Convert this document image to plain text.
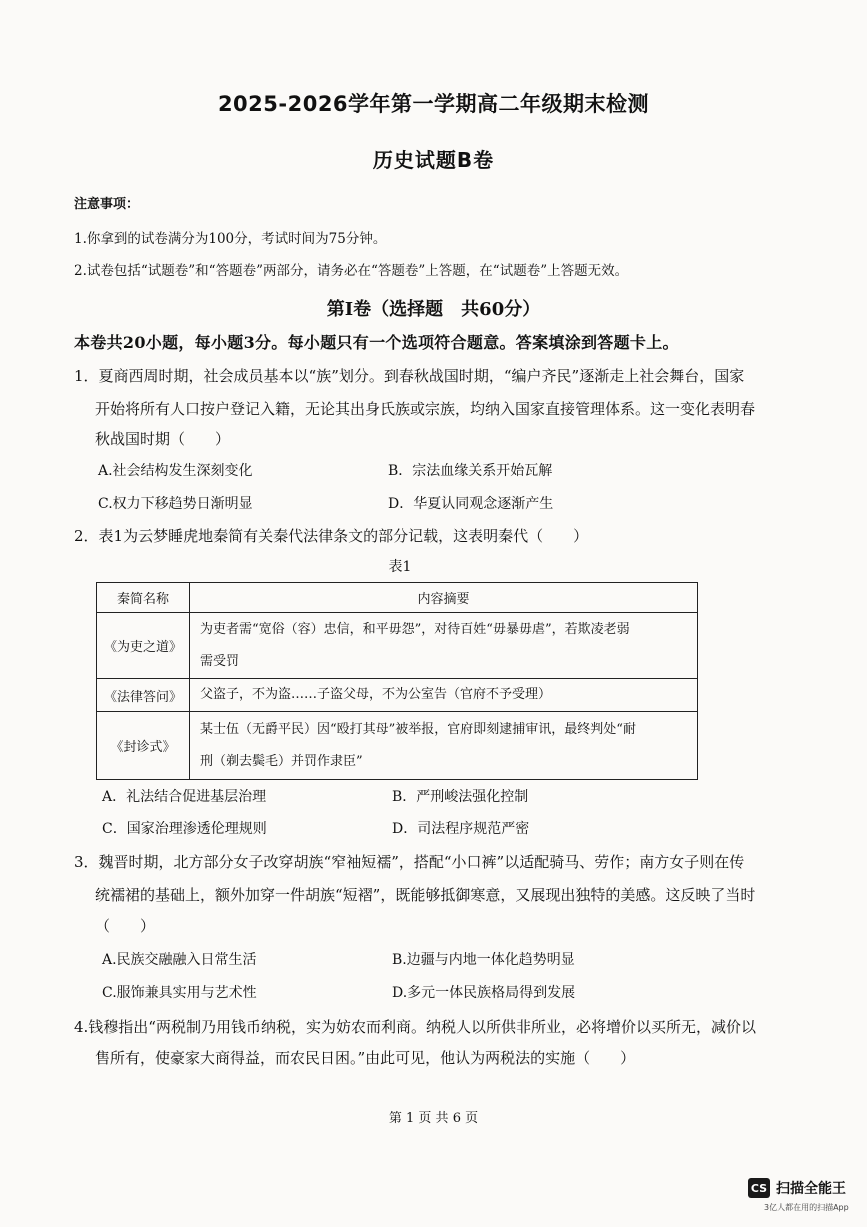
2025-2026学年第一学期高二年级期末检测
历史试题B卷
注意事项：
1.你拿到的试卷满分为100分，考试时间为75分钟。
2.试卷包括“试题卷”和“答题卷”两部分，请务必在“答题卷”上答题，在“试题卷”上答题无效。
第Ⅰ卷（选择题　共60分）
本卷共20小题，每小题3分。每小题只有一个选项符合题意。答案填涂到答题卡上。
1．夏商西周时期，社会成员基本以“族”划分。到春秋战国时期，“编户齐民”逐渐走上社会舞台，国家
开始将所有人口按户登记入籍，无论其出身氏族或宗族，均纳入国家直接管理体系。这一变化表明春
秋战国时期（　　）
A.社会结构发生深刻变化	B．宗法血缘关系开始瓦解
C.权力下移趋势日渐明显	D．华夏认同观念逐渐产生
2．表1为云梦睡虎地秦简有关秦代法律条文的部分记载，这表明秦代（　　）
表1
秦简名称	内容摘要
《为吏之道》	为吏者需“宽俗（容）忠信，和平毋怨”，对待百姓“毋暴毋虐”，若欺凌老弱
需受罚

《法律答问》	父盗子，不为盗……子盗父母，不为公室告（官府不予受理）

《封诊式》	某士伍（无爵平民）因“殴打其母”被举报，官府即刻逮捕审讯，最终判处“耐
刑（剃去鬓毛）并罚作隶臣”
A．礼法结合促进基层治理	B．严刑峻法强化控制
C．国家治理渗透伦理规则	D．司法程序规范严密
3．魏晋时期，北方部分女子改穿胡族“窄袖短襦”，搭配“小口裤”以适配骑马、劳作；南方女子则在传
统襦裙的基础上，额外加穿一件胡族“短褶”，既能够抵御寒意，又展现出独特的美感。这反映了当时
（　　）
A.民族交融融入日常生活	B.边疆与内地一体化趋势明显
C.服饰兼具实用与艺术性	D.多元一体民族格局得到发展
4.钱穆指出“两税制乃用钱币纳税，实为妨农而利商。纳税人以所供非所业，必将增价以买所无，减价以
售所有，使豪家大商得益，而农民日困。”由此可见，他认为两税法的实施（　　）
第 1 页 共 6 页
CS 扫描全能王
3亿人都在用的扫描App
